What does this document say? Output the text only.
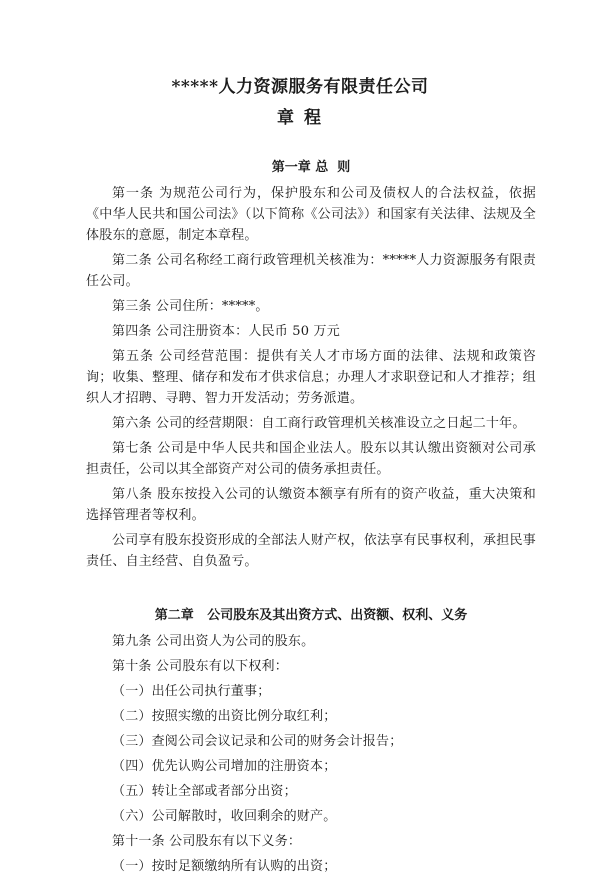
*****人力资源服务有限责任公司
章 程
第一章 总  则

第一条 为规范公司行为，保护股东和公司及债权人的合法权益，依据《中华人民共和国公司法》（以下简称《公司法》）和国家有关法律、法规及全体股东的意愿，制定本章程。

第二条 公司名称经工商行政管理机关核准为：*****人力资源服务有限责任公司。

第三条 公司住所：*****。

第四条 公司注册资本：人民币 50 万元

第五条 公司经营范围：提供有关人才市场方面的法律、法规和政策咨询；收集、整理、储存和发布才供求信息；办理人才求职登记和人才推荐；组织人才招聘、寻聘、智力开发活动；劳务派遣。

第六条 公司的经营期限：自工商行政管理机关核准设立之日起二十年。

第七条 公司是中华人民共和国企业法人。股东以其认缴出资额对公司承担责任，公司以其全部资产对公司的债务承担责任。

第八条 股东按投入公司的认缴资本额享有所有的资产收益，重大决策和选择管理者等权利。

公司享有股东投资形成的全部法人财产权，依法享有民事权利，承担民事责任、自主经营、自负盈亏。

第二章   公司股东及其出资方式、出资额、权利、义务

第九条 公司出资人为公司的股东。

第十条 公司股东有以下权利：

（一）出任公司执行董事；

（二）按照实缴的出资比例分取红利；

（三）查阅公司会议记录和公司的财务会计报告；

（四）优先认购公司增加的注册资本；

（五）转让全部或者部分出资；

（六）公司解散时，收回剩余的财产。

第十一条 公司股东有以下义务：

（一）按时足额缴纳所有认购的出资；
